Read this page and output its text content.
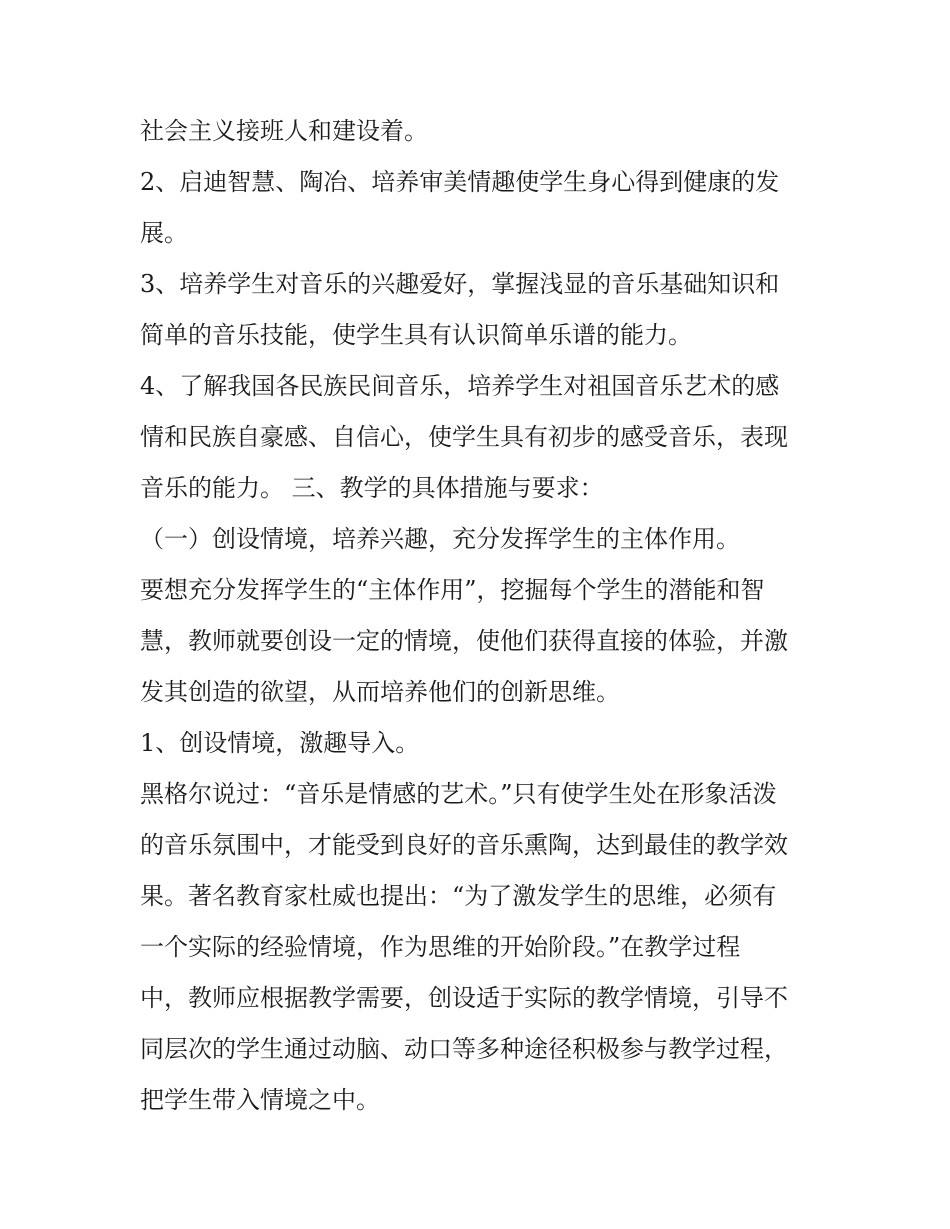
社会主义接班人和建设着。
2、启迪智慧、陶冶、培养审美情趣使学生身心得到健康的发
展。
3、培养学生对音乐的兴趣爱好，掌握浅显的音乐基础知识和
简单的音乐技能，使学生具有认识简单乐谱的能力。
4、了解我国各民族民间音乐，培养学生对祖国音乐艺术的感
情和民族自豪感、自信心，使学生具有初步的感受音乐，表现
音乐的能力。 三、教学的具体措施与要求：
（一）创设情境，培养兴趣，充分发挥学生的主体作用。
要想充分发挥学生的“主体作用”，挖掘每个学生的潜能和智
慧，教师就要创设一定的情境，使他们获得直接的体验，并激
发其创造的欲望，从而培养他们的创新思维。
1、创设情境，激趣导入。
黑格尔说过：“音乐是情感的艺术。”只有使学生处在形象活泼
的音乐氛围中，才能受到良好的音乐熏陶，达到最佳的教学效
果。著名教育家杜威也提出：“为了激发学生的思维，必须有
一个实际的经验情境，作为思维的开始阶段。”在教学过程
中，教师应根据教学需要，创设适于实际的教学情境，引导不
同层次的学生通过动脑、动口等多种途径积极参与教学过程，
把学生带入情境之中。
